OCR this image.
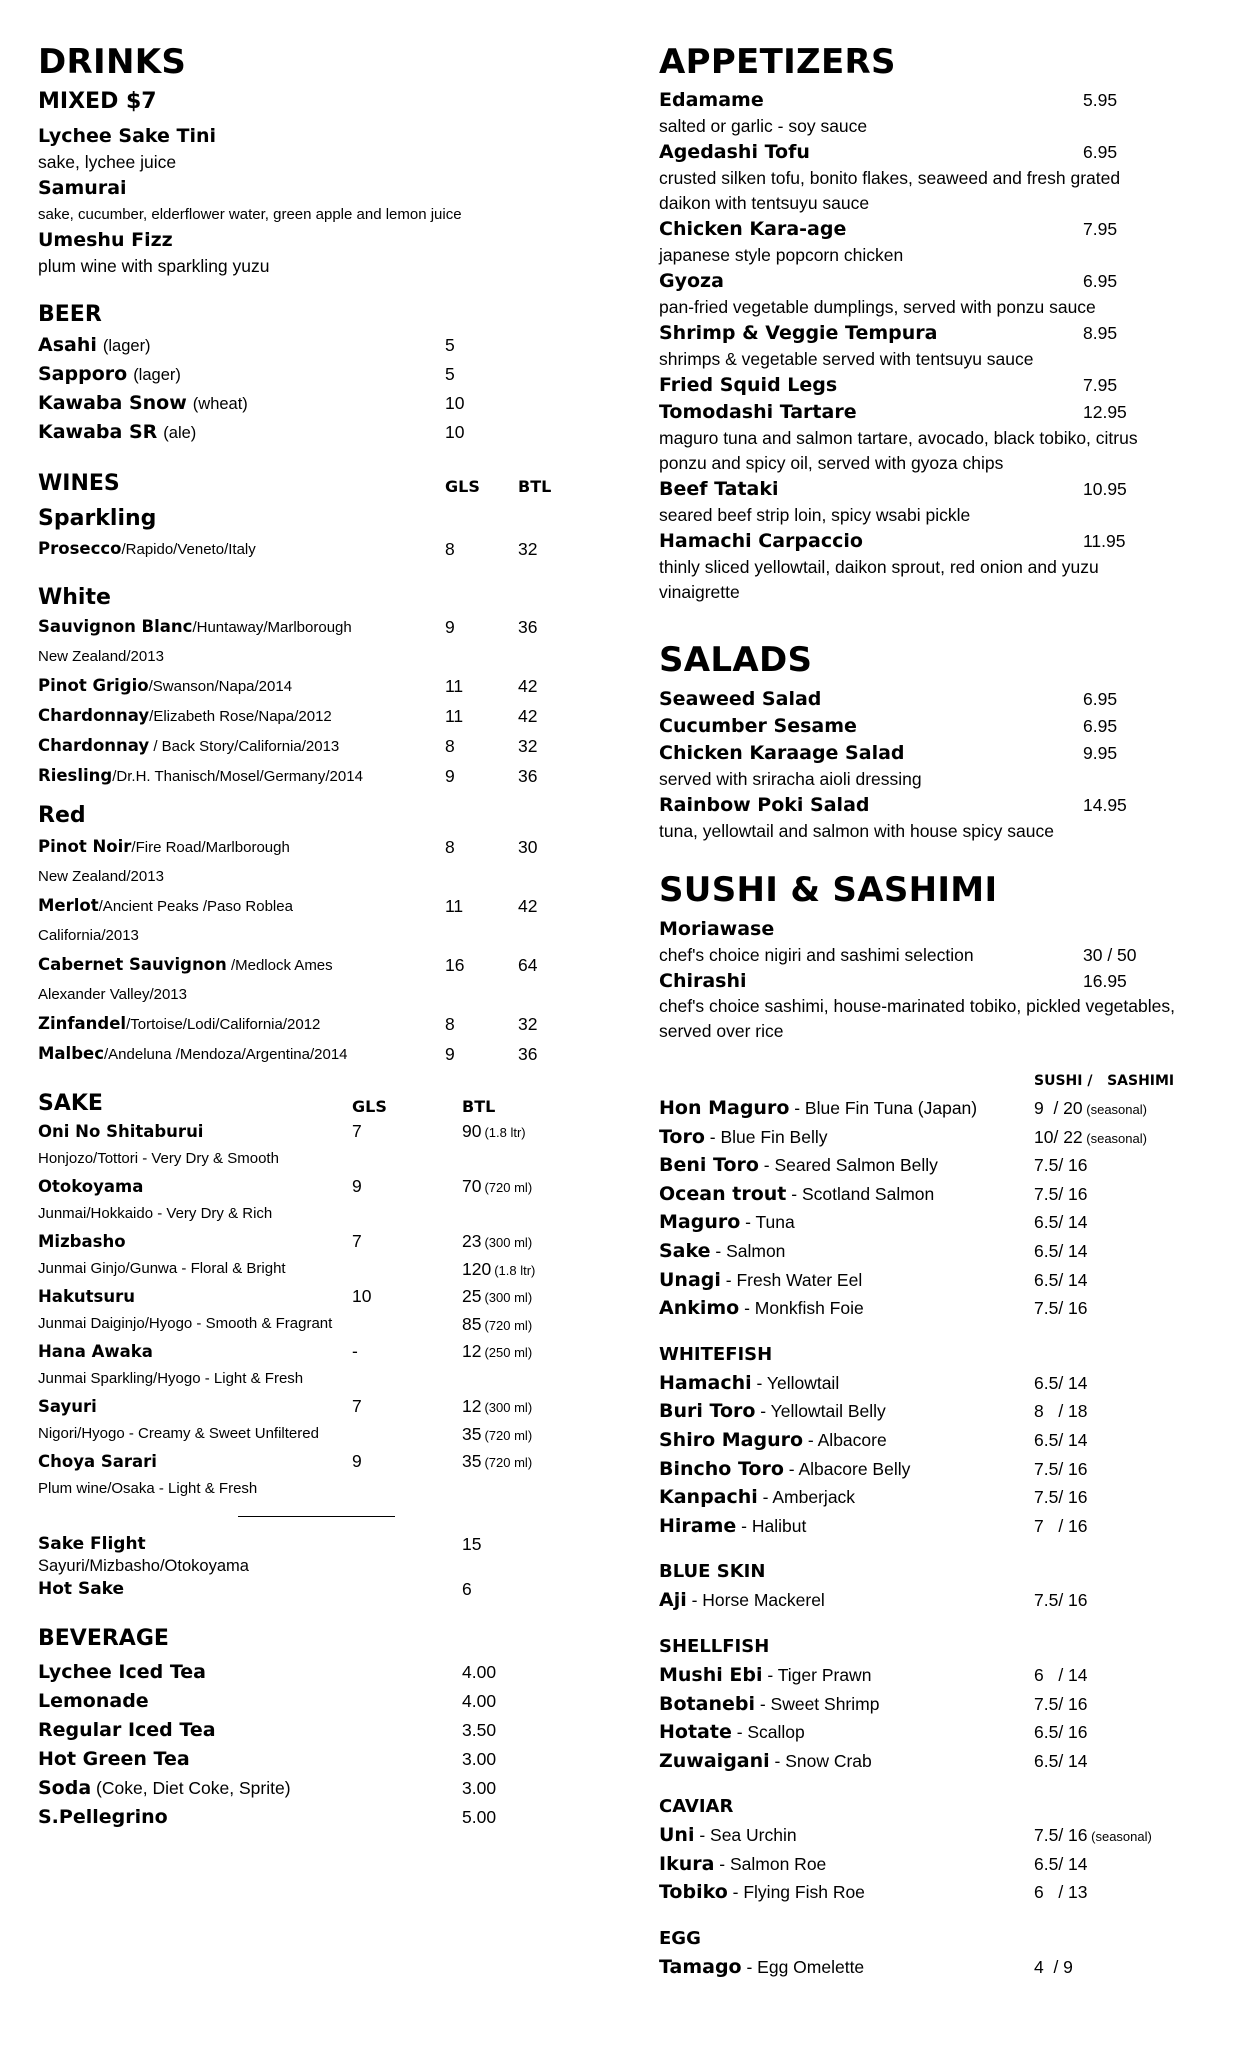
DRINKS
MIXED $7
Lychee Sake Tini
sake, lychee juice
Samurai
sake, cucumber, elderflower water, green apple and lemon juice
Umeshu Fizz
plum wine with sparkling yuzu
BEER
Asahi (lager)	5
Sapporo (lager)	5
Kawaba Snow (wheat)	10
Kawaba SR (ale)	10
WINES	GLS BTL
Sparkling
Prosecco/Rapido/Veneto/Italy	8	32
White
Sauvignon Blanc/Huntaway/Marlborough	9	36
New Zealand/2013
Pinot Grigio/Swanson/Napa/2014	11	42
Chardonnay/Elizabeth Rose/Napa/2012	11	42
Chardonnay / Back Story/California/2013	8	32
Riesling/Dr.H. Thanisch/Mosel/Germany/2014	9	36
Red
Pinot Noir/Fire Road/Marlborough	8	30
New Zealand/2013
Merlot/Ancient Peaks /Paso Roblea	11	42
California/2013
Cabernet Sauvignon /Medlock Ames	16	64
Alexander Valley/2013
Zinfandel/Tortoise/Lodi/California/2012	8	32
Malbec/Andeluna /Mendoza/Argentina/2014	9	36
SAKE	GLS	BTL
Oni No Shitaburui	7	90 (1.8 ltr)
Honjozo/Tottori - Very Dry & Smooth
Otokoyama	9	70 (720 ml)
Junmai/Hokkaido - Very Dry & Rich
Mizbasho	7	23 (300 ml)
Junmai Ginjo/Gunwa - Floral & Bright	120 (1.8 ltr)
Hakutsuru	10	25 (300 ml)
Junmai Daiginjo/Hyogo - Smooth & Fragrant	85 (720 ml)
Hana Awaka	-	12 (250 ml)
Junmai Sparkling/Hyogo - Light & Fresh
Sayuri	7	12 (300 ml)
Nigori/Hyogo - Creamy & Sweet Unfiltered	35 (720 ml)
Choya Sarari	9	35 (720 ml)
Plum wine/Osaka - Light & Fresh
Sake Flight	15
Sayuri/Mizbasho/Otokoyama
Hot Sake	6
BEVERAGE
Lychee Iced Tea	4.00
Lemonade	4.00
Regular Iced Tea	3.50
Hot Green Tea	3.00
Soda (Coke, Diet Coke, Sprite)	3.00
S.Pellegrino	5.00
APPETIZERS
Edamame	5.95
salted or garlic - soy sauce
Agedashi Tofu	6.95
crusted silken tofu, bonito flakes, seaweed and fresh grated
daikon with tentsuyu sauce
Chicken Kara-age	7.95
japanese style popcorn chicken
Gyoza	6.95
pan-fried vegetable dumplings, served with ponzu sauce
Shrimp & Veggie Tempura	8.95
shrimps & vegetable served with tentsuyu sauce
Fried Squid Legs	7.95
Tomodashi Tartare	12.95
maguro tuna and salmon tartare, avocado, black tobiko, citrus
ponzu and spicy oil, served with gyoza chips
Beef Tataki	10.95
seared beef strip loin, spicy wsabi pickle
Hamachi Carpaccio	11.95
thinly sliced yellowtail, daikon sprout, red onion and yuzu
vinaigrette
SALADS
Seaweed Salad	6.95
Cucumber Sesame	6.95
Chicken Karaage Salad	9.95
served with sriracha aioli dressing
Rainbow Poki Salad	14.95
tuna, yellowtail and salmon with house spicy sauce
SUSHI & SASHIMI
Moriawase
chef's choice nigiri and sashimi selection	30 / 50
Chirashi	16.95
chef's choice sashimi, house-marinated tobiko, pickled vegetables,
served over rice
SUSHI /   SASHIMI
Hon Maguro - Blue Fin Tuna (Japan)	9  / 20 (seasonal)
Toro - Blue Fin Belly	10/ 22 (seasonal)
Beni Toro - Seared Salmon Belly	7.5/ 16
Ocean trout - Scotland Salmon	7.5/ 16
Maguro - Tuna	6.5/ 14
Sake - Salmon	6.5/ 14
Unagi - Fresh Water Eel	6.5/ 14
Ankimo - Monkfish Foie	7.5/ 16
WHITEFISH
Hamachi - Yellowtail	6.5/ 14
Buri Toro - Yellowtail Belly	8   / 18
Shiro Maguro - Albacore	6.5/ 14
Bincho Toro - Albacore Belly	7.5/ 16
Kanpachi - Amberjack	7.5/ 16
Hirame - Halibut	7   / 16
BLUE SKIN
Aji - Horse Mackerel	7.5/ 16
SHELLFISH
Mushi Ebi - Tiger Prawn	6   / 14
Botanebi - Sweet Shrimp	7.5/ 16
Hotate - Scallop	6.5/ 16
Zuwaigani - Snow Crab	6.5/ 14
CAVIAR
Uni - Sea Urchin	7.5/ 16 (seasonal)
Ikura - Salmon Roe	6.5/ 14
Tobiko - Flying Fish Roe	6   / 13
EGG
Tamago - Egg Omelette	4  / 9
